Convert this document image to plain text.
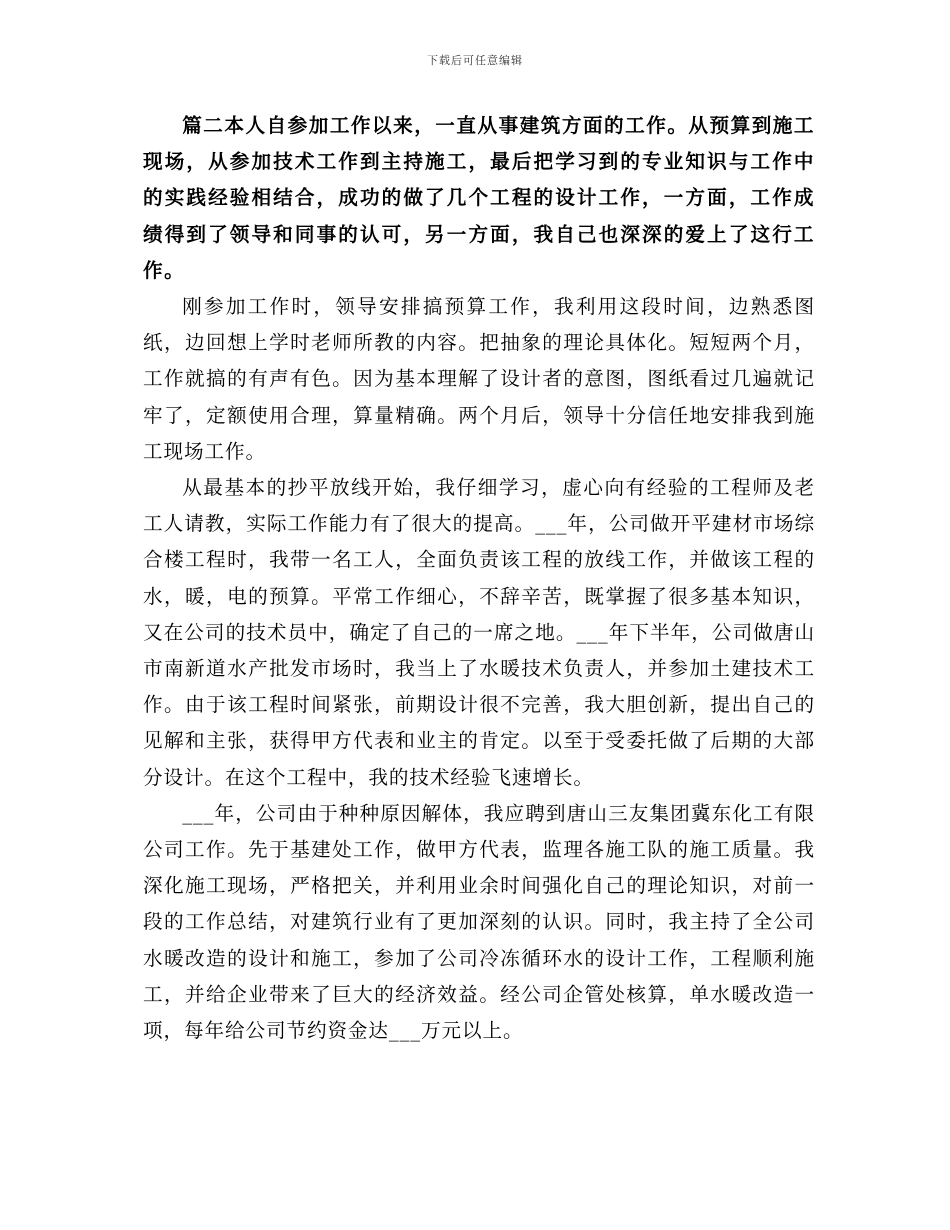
下载后可任意编辑

篇二本人自参加工作以来，一直从事建筑方面的工作。从预算到施工现场，从参加技术工作到主持施工，最后把学习到的专业知识与工作中的实践经验相结合，成功的做了几个工程的设计工作，一方面，工作成绩得到了领导和同事的认可，另一方面，我自己也深深的爱上了这行工作。

刚参加工作时，领导安排搞预算工作，我利用这段时间，边熟悉图纸，边回想上学时老师所教的内容。把抽象的理论具体化。短短两个月，工作就搞的有声有色。因为基本理解了设计者的意图，图纸看过几遍就记牢了，定额使用合理，算量精确。两个月后，领导十分信任地安排我到施工现场工作。

从最基本的抄平放线开始，我仔细学习，虚心向有经验的工程师及老工人请教，实际工作能力有了很大的提高。___年，公司做开平建材市场综合楼工程时，我带一名工人，全面负责该工程的放线工作，并做该工程的水，暖，电的预算。平常工作细心，不辞辛苦，既掌握了很多基本知识，又在公司的技术员中，确定了自己的一席之地。___年下半年，公司做唐山市南新道水产批发市场时，我当上了水暖技术负责人，并参加土建技术工作。由于该工程时间紧张，前期设计很不完善，我大胆创新，提出自己的见解和主张，获得甲方代表和业主的肯定。以至于受委托做了后期的大部分设计。在这个工程中，我的技术经验飞速增长。

___年，公司由于种种原因解体，我应聘到唐山三友集团冀东化工有限公司工作。先于基建处工作，做甲方代表，监理各施工队的施工质量。我深化施工现场，严格把关，并利用业余时间强化自己的理论知识，对前一段的工作总结，对建筑行业有了更加深刻的认识。同时，我主持了全公司水暖改造的设计和施工，参加了公司冷冻循环水的设计工作，工程顺利施工，并给企业带来了巨大的经济效益。经公司企管处核算，单水暖改造一项，每年给公司节约资金达___万元以上。
